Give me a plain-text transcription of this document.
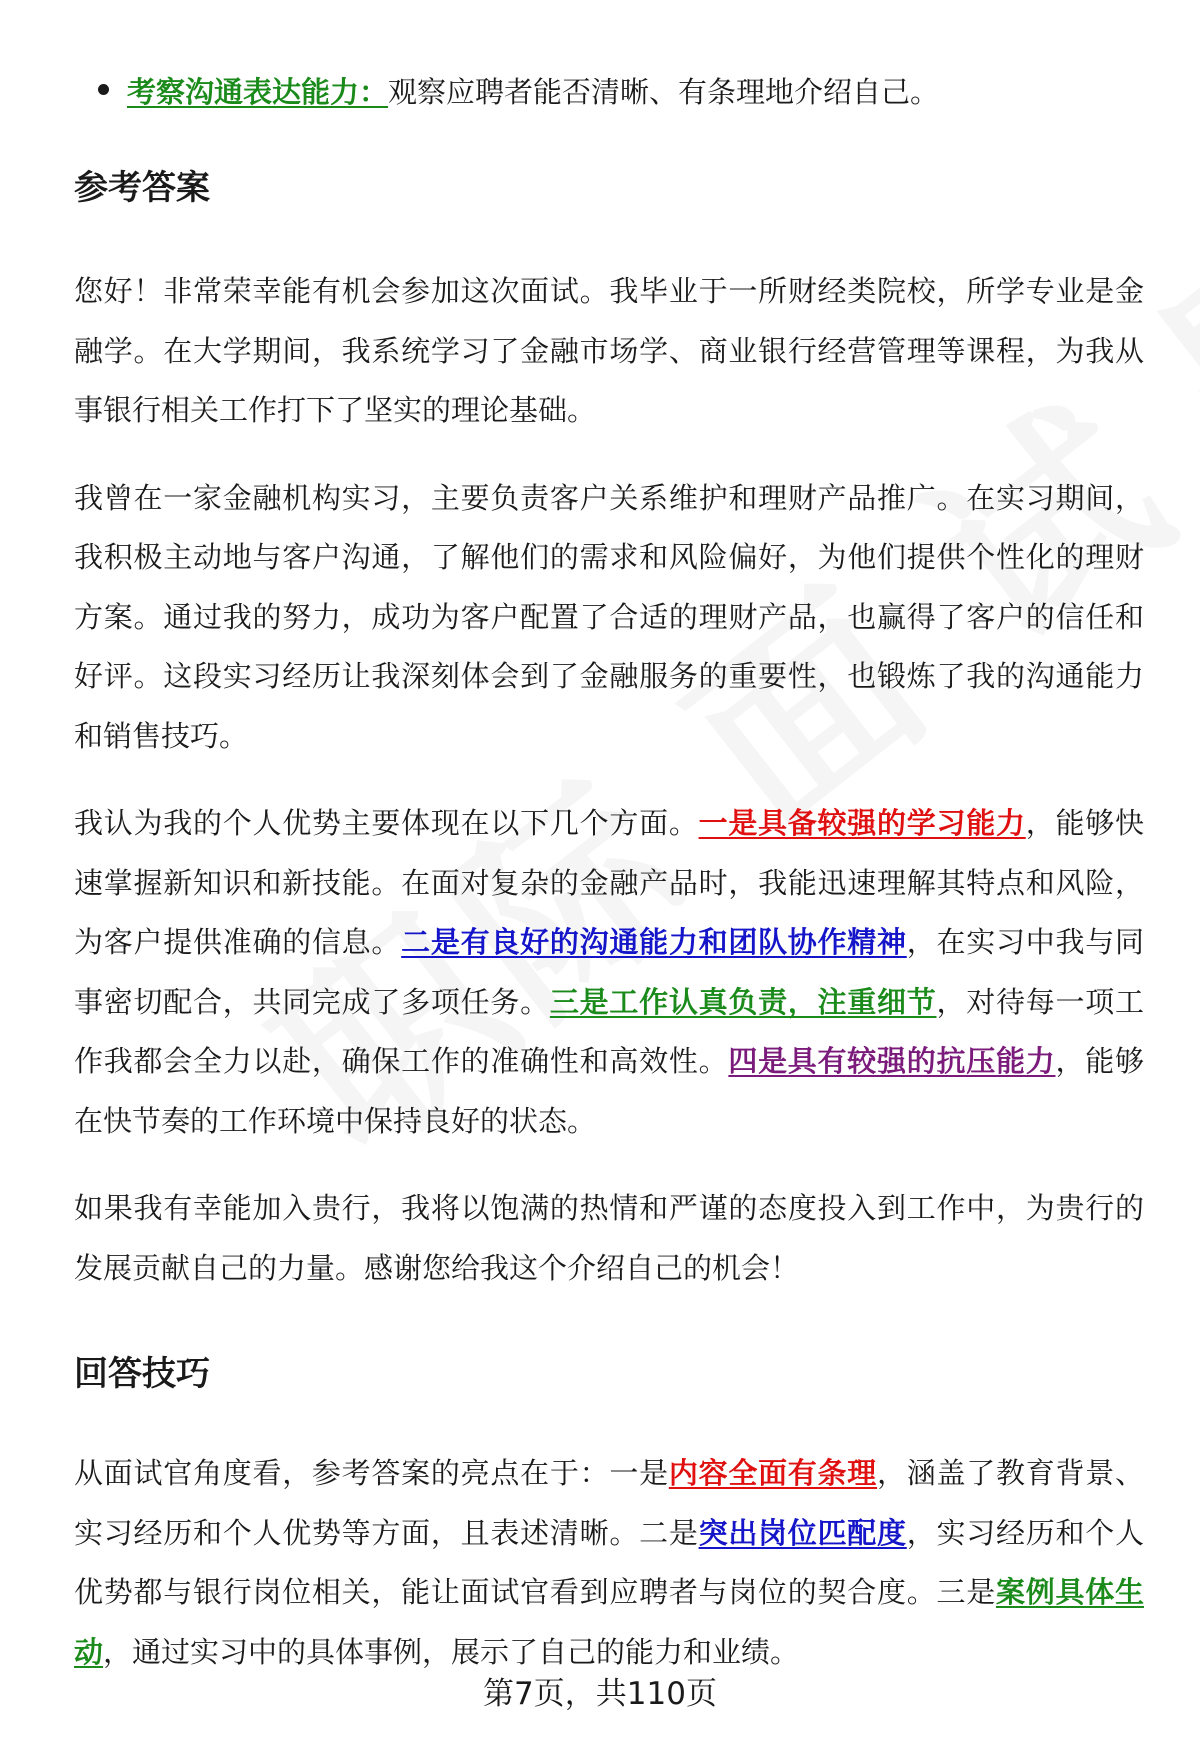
考察沟通表达能力：观察应聘者能否清晰、有条理地介绍自己。
参考答案

您好！非常荣幸能有机会参加这次面试。我毕业于一所财经类院校，所学专业是金融学。在大学期间，我系统学习了金融市场学、商业银行经营管理等课程，为我从事银行相关工作打下了坚实的理论基础。

我曾在一家金融机构实习，主要负责客户关系维护和理财产品推广。在实习期间，我积极主动地与客户沟通，了解他们的需求和风险偏好，为他们提供个性化的理财方案。通过我的努力，成功为客户配置了合适的理财产品，也赢得了客户的信任和好评。这段实习经历让我深刻体会到了金融服务的重要性，也锻炼了我的沟通能力和销售技巧。

我认为我的个人优势主要体现在以下几个方面。一是具备较强的学习能力，能够快速掌握新知识和新技能。在面对复杂的金融产品时，我能迅速理解其特点和风险，为客户提供准确的信息。二是有良好的沟通能力和团队协作精神，在实习中我与同事密切配合，共同完成了多项任务。三是工作认真负责，注重细节，对待每一项工作我都会全力以赴，确保工作的准确性和高效性。四是具有较强的抗压能力，能够在快节奏的工作环境中保持良好的状态。

如果我有幸能加入贵行，我将以饱满的热情和严谨的态度投入到工作中，为贵行的发展贡献自己的力量。感谢您给我这个介绍自己的机会！

回答技巧

从面试官角度看，参考答案的亮点在于：一是内容全面有条理，涵盖了教育背景、实习经历和个人优势等方面，且表述清晰。二是突出岗位匹配度，实习经历和个人优势都与银行岗位相关，能让面试官看到应聘者与岗位的契合度。三是案例具体生动，通过实习中的具体事例，展示了自己的能力和业绩。

第7页，共110页
